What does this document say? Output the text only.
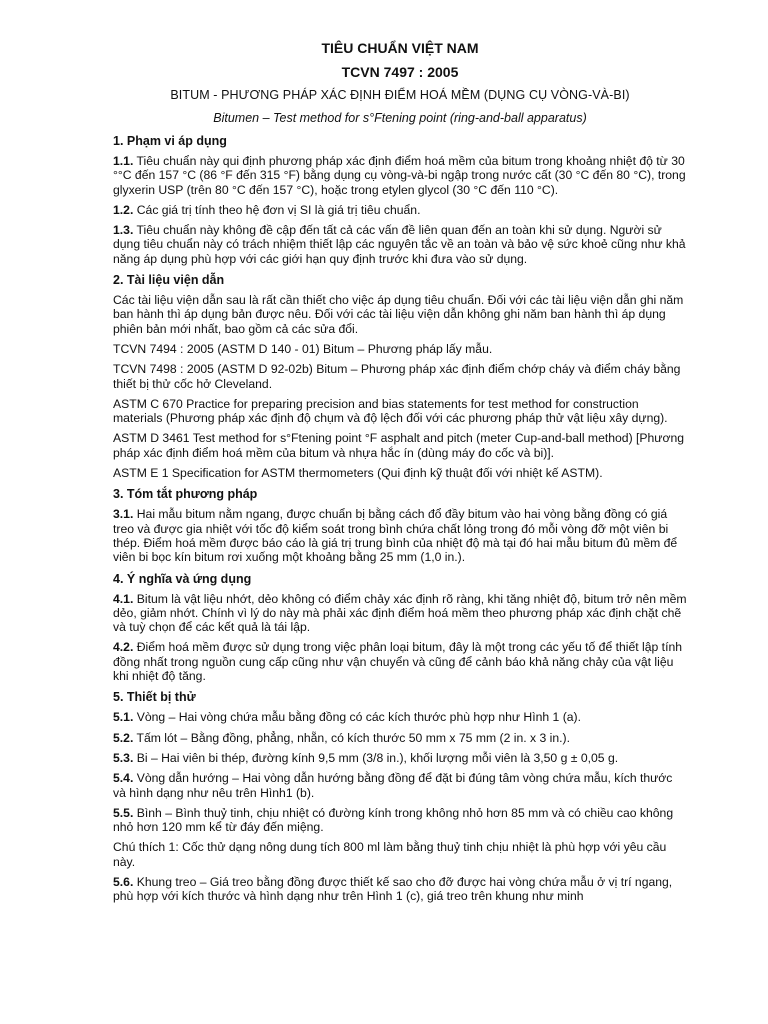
TIÊU CHUẨN VIỆT NAM
TCVN 7497 : 2005
BITUM - PHƯƠNG PHÁP XÁC ĐỊNH ĐIỂM HOÁ MỀM (DỤNG CỤ VÒNG-VÀ-BI)
Bitumen – Test method for s°Ftening point (ring-and-ball apparatus)
1. Phạm vi áp dụng
1.1. Tiêu chuẩn này qui định phương pháp xác định điểm hoá mềm của bitum trong khoảng nhiệt độ từ 30 °°C đến 157 °C (86 °F đến 315 °F) bằng dụng cụ vòng-và-bi ngập trong nước cất (30 °C đến 80 °C), trong glyxerin USP (trên 80 °C đến 157 °C), hoặc trong etylen glycol (30 °C đến 110 °C).
1.2. Các giá trị tính theo hệ đơn vị SI là giá trị tiêu chuẩn.
1.3. Tiêu chuẩn này không đề cập đến tất cả các vấn đề liên quan đến an toàn khi sử dụng. Người sử dụng tiêu chuẩn này có trách nhiệm thiết lập các nguyên tắc về an toàn và bảo vệ sức khoẻ cũng như khả năng áp dụng phù hợp với các giới hạn quy định trước khi đưa vào sử dụng.
2. Tài liệu viện dẫn
Các tài liệu viện dẫn sau là rất cần thiết cho việc áp dụng tiêu chuẩn. Đối với các tài liệu viện dẫn ghi năm ban hành thì áp dụng bản được nêu. Đối với các tài liệu viện dẫn không ghi năm ban hành thì áp dụng phiên bản mới nhất, bao gồm cả các sửa đổi.
TCVN 7494 : 2005 (ASTM D 140 - 01) Bitum – Phương pháp lấy mẫu.
TCVN 7498 : 2005 (ASTM D 92-02b) Bitum – Phương pháp xác định điểm chớp cháy và điểm cháy bằng thiết bị thử cốc hở Cleveland.
ASTM C 670 Practice for preparing precision and bias statements for test method for construction materials (Phương pháp xác định độ chụm và độ lệch đối với các phương pháp thử vật liệu xây dựng).
ASTM D 3461 Test method for s°Ftening point °F asphalt and pitch (meter Cup-and-ball method) [Phương pháp xác định điểm hoá mềm của bitum và nhựa hắc ín (dùng máy đo cốc và bi)].
ASTM E 1 Specification for ASTM thermometers (Qui định kỹ thuật đối với nhiệt kế ASTM).
3. Tóm tắt phương pháp
3.1. Hai mẫu bitum nằm ngang, được chuẩn bị bằng cách đổ đầy bitum vào hai vòng bằng đồng có giá treo và được gia nhiệt với tốc độ kiểm soát trong bình chứa chất lỏng trong đó mỗi vòng đỡ một viên bi thép. Điểm hoá mềm được báo cáo là giá trị trung bình của nhiệt độ mà tại đó hai mẫu bitum đủ mềm để viên bi bọc kín bitum rơi xuống một khoảng bằng 25 mm (1,0 in.).
4. Ý nghĩa và ứng dụng
4.1. Bitum là vật liệu nhớt, dẻo không có điểm chảy xác định rõ ràng, khi tăng nhiệt độ, bitum trở nên mềm dẻo, giảm nhớt. Chính vì lý do này mà phải xác định điểm hoá mềm theo phương pháp xác định chặt chẽ và tuỳ chọn để các kết quả là tái lập.
4.2. Điểm hoá mềm được sử dụng trong việc phân loại bitum, đây là một trong các yếu tố để thiết lập tính đồng nhất trong nguồn cung cấp cũng như vận chuyển và cũng để cảnh báo khả năng chảy của vật liệu khi nhiệt độ tăng.
5. Thiết bị thử
5.1. Vòng – Hai vòng chứa mẫu bằng đồng có các kích thước phù hợp như Hình 1 (a).
5.2. Tấm lót – Bằng đồng, phẳng, nhẵn, có kích thước 50 mm x 75 mm (2 in. x 3 in.).
5.3. Bi – Hai viên bi thép, đường kính 9,5 mm (3/8 in.), khối lượng mỗi viên là 3,50 g ± 0,05 g.
5.4. Vòng dẫn hướng – Hai vòng dẫn hướng bằng đồng để đặt bi đúng tâm vòng chứa mẫu, kích thước và hình dạng như nêu trên Hình1 (b).
5.5. Bình – Bình thuỷ tinh, chịu nhiệt có đường kính trong không nhỏ hơn 85 mm và có chiều cao không nhỏ hơn 120 mm kể từ đáy đến miệng.
Chú thích 1: Cốc thử dạng nông dung tích 800 ml làm bằng thuỷ tinh chịu nhiệt là phù hợp với yêu cầu này.
5.6. Khung treo – Giá treo bằng đồng được thiết kế sao cho đỡ được hai vòng chứa mẫu ở vị trí ngang, phù hợp với kích thước và hình dạng như trên Hình 1 (c), giá treo trên khung như minh
